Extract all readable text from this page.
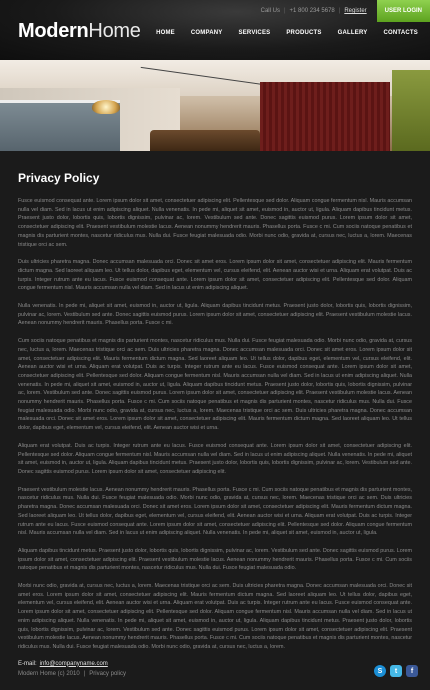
ModernHome
Call Us | +1 800 234 5678 | Register	USER LOGIN
HOME	COMPANY	SERVICES	PRODUCTS	GALLERY	CONTACTS
Privacy Policy

Fusce euismod consequat ante. Lorem ipsum dolor sit amet, consectetuer adipiscing elit. Pellentesque sed dolor. Aliquam congue fermentum nisl. Mauris accumsan nulla vel diam. Sed in lacus ut enim adipiscing aliquet. Nulla venenatis. In pede mi, aliquet sit amet, euismod in, auctor ut, ligula. Aliquam dapibus tincidunt metus. Praesent justo dolor, lobortis quis, lobortis dignissim, pulvinar ac, lorem. Vestibulum sed ante. Donec sagittis euismod purus. Lorem ipsum dolor sit amet, consectetuer adipiscing elit. Praesent vestibulum molestie lacus. Aenean nonummy hendrerit mauris. Phasellus porta. Fusce c mi. Cum sociis natoque penatibus et magnis dis parturient montes, nascetur ridiculus mus. Nulla dui. Fusce feugiat malesuada odio. Morbi nunc odio, gravida at, cursus nec, luctus a, lorem. Maecenas tristique orci ac sem.

Duis ultricies pharetra magna. Donec accumsan malesuada orci. Donec sit amet eros. Lorem ipsum dolor sit amet, consectetuer adipiscing elit. Mauris fermentum dictum magna. Sed laoreet aliquam leo. Ut tellus dolor, dapibus eget, elementum vel, cursus eleifend, elit. Aenean auctor wisi et urna. Aliquam erat volutpat. Duis ac turpis. Integer rutrum ante eu lacus. Fusce euismod consequat ante. Lorem ipsum dolor sit amet, consectetuer adipiscing elit. Pellentesque sed dolor. Aliquam congue fermentum nisl. Mauris accumsan nulla vel diam. Sed in lacus ut enim adipiscing aliquet.

Nulla venenatis. In pede mi, aliquet sit amet, euismod in, auctor ut, ligula. Aliquam dapibus tincidunt metus. Praesent justo dolor, lobortis quis, lobortis dignissim, pulvinar ac, lorem. Vestibulum sed ante. Donec sagittis euismod purus. Lorem ipsum dolor sit amet, consectetuer adipiscing elit. Praesent vestibulum molestie lacus. Aenean nonummy hendrerit mauris. Phasellus porta. Fusce c mi.

Cum sociis natoque penatibus et magnis dis parturient montes, nascetur ridiculus mus. Nulla dui. Fusce feugiat malesuada odio. Morbi nunc odio, gravida at, cursus nec, luctus a, lorem. Maecenas tristique orci ac sem. Duis ultricies pharetra magna. Donec accumsan malesuada orci. Donec sit amet eros. Lorem ipsum dolor sit amet, consectetuer adipiscing elit. Mauris fermentum dictum magna. Sed laoreet aliquam leo. Ut tellus dolor, dapibus eget, elementum vel, cursus eleifend, elit. Aenean auctor wisi et urna. Aliquam erat volutpat. Duis ac turpis. Integer rutrum ante eu lacus. Fusce euismod consequat ante. Lorem ipsum dolor sit amet, consectetuer adipiscing elit. Pellentesque sed dolor. Aliquam congue fermentum nisl. Mauris accumsan nulla vel diam. Sed in lacus ut enim adipiscing aliquet. Nulla venenatis. In pede mi, aliquet sit amet, euismod in, auctor ut, ligula. Aliquam dapibus tincidunt metus. Praesent justo dolor, lobortis quis, lobortis dignissim, pulvinar ac, lorem. Vestibulum sed ante. Donec sagittis euismod purus. Lorem ipsum dolor sit amet, consectetuer adipiscing elit. Praesent vestibulum molestie lacus. Aenean nonummy hendrerit mauris. Phasellus porta. Fusce c mi. Cum sociis natoque penatibus et magnis dis parturient montes, nascetur ridiculus mus. Nulla dui. Fusce feugiat malesuada odio. Morbi nunc odio, gravida at, cursus nec, luctus a, lorem. Maecenas tristique orci ac sem. Duis ultricies pharetra magna. Donec accumsan malesuada orci. Donec sit amet eros. Lorem ipsum dolor sit amet, consectetuer adipiscing elit. Mauris fermentum dictum magna. Sed laoreet aliquam leo. Ut tellus dolor, dapibus eget, elementum vel, cursus eleifend, elit. Aenean auctor wisi et urna.

Aliquam erat volutpat. Duis ac turpis. Integer rutrum ante eu lacus. Fusce euismod consequat ante. Lorem ipsum dolor sit amet, consectetuer adipiscing elit. Pellentesque sed dolor. Aliquam congue fermentum nisl. Mauris accumsan nulla vel diam. Sed in lacus ut enim adipiscing aliquet. Nulla venenatis. In pede mi, aliquet sit amet, euismod in, auctor ut, ligula. Aliquam dapibus tincidunt metus. Praesent justo dolor, lobortis quis, lobortis dignissim, pulvinar ac, lorem. Vestibulum sed ante. Donec sagittis euismod purus. Lorem ipsum dolor sit amet, consectetuer adipiscing elit.

Praesent vestibulum molestie lacus. Aenean nonummy hendrerit mauris. Phasellus porta. Fusce c mi. Cum sociis natoque penatibus et magnis dis parturient montes, nascetur ridiculus mus. Nulla dui. Fusce feugiat malesuada odio. Morbi nunc odio, gravida at, cursus nec, lorem. Maecenas tristique orci ac sem. Duis ultricies pharetra magna. Donec accumsan malesuada orci. Donec sit amet eros. Lorem ipsum dolor sit amet, consectetuer adipiscing elit. Mauris fermentum dictum magna. Sed laoreet aliquam leo. Ut tellus dolor, dapibus eget, elementum vel, cursus eleifend, elit. Aenean auctor wisi et urna. Aliquam erat volutpat. Duis ac turpis. Integer rutrum ante eu lacus. Fusce euismod consequat ante. Lorem ipsum dolor sit amet, consectetuer adipiscing elit. Pellentesque sed dolor. Aliquam congue fermentum nisl. Mauris accumsan nulla vel diam. Sed in lacus ut enim adipiscing aliquet. Nulla venenatis. In pede mi, aliquet sit amet, euismod in, auctor ut, ligula.

Aliquam dapibus tincidunt metus. Praesent justo dolor, lobortis quis, lobortis dignissim, pulvinar ac, lorem. Vestibulum sed ante. Donec sagittis euismod purus. Lorem ipsum dolor sit amet, consectetuer adipiscing elit. Praesent vestibulum molestie lacus. Aenean nonummy hendrerit mauris. Phasellus porta. Fusce c mi. Cum sociis natoque penatibus et magnis dis parturient montes, nascetur ridiculus mus. Nulla dui. Fusce feugiat malesuada odio.

Morbi nunc odio, gravida at, cursus nec, luctus a, lorem. Maecenas tristique orci ac sem. Duis ultricies pharetra magna. Donec accumsan malesuada orci. Donec sit amet eros. Lorem ipsum dolor sit amet, consectetuer adipiscing elit. Mauris fermentum dictum magna. Sed laoreet aliquam leo. Ut tellus dolor, dapibus eget, elementum vel, cursus eleifend, elit. Aenean auctor wisi et urna. Aliquam erat volutpat. Duis ac turpis. Integer rutrum ante eu lacus. Fusce euismod consequat ante. Lorem ipsum dolor sit amet, consectetuer adipiscing elit. Pellentesque sed dolor. Aliquam congue fermentum nisl. Mauris accumsan nulla vel diam. Sed in lacus ut enim adipiscing aliquet. Nulla venenatis. In pede mi, aliquet sit amet, euismod in, auctor ut, ligula. Aliquam dapibus tincidunt metus. Praesent justo dolor, lobortis quis, lobortis dignissim, pulvinar ac, lorem. Vestibulum sed ante. Donec sagittis euismod purus. Lorem ipsum dolor sit amet, consectetuer adipiscing elit. Praesent vestibulum molestie lacus. Aenean nonummy hendrerit mauris. Phasellus porta. Fusce c mi. Cum sociis natoque penatibus et magnis dis parturient montes, nascetur ridiculus mus. Nulla dui. Fusce feugiat malesuada odio. Morbi nunc odio, gravida at, cursus nec, luctus a, lorem.

E-mail: info@companyname.com
Modern Home (c) 2010 | Privacy policy	S	t	f
